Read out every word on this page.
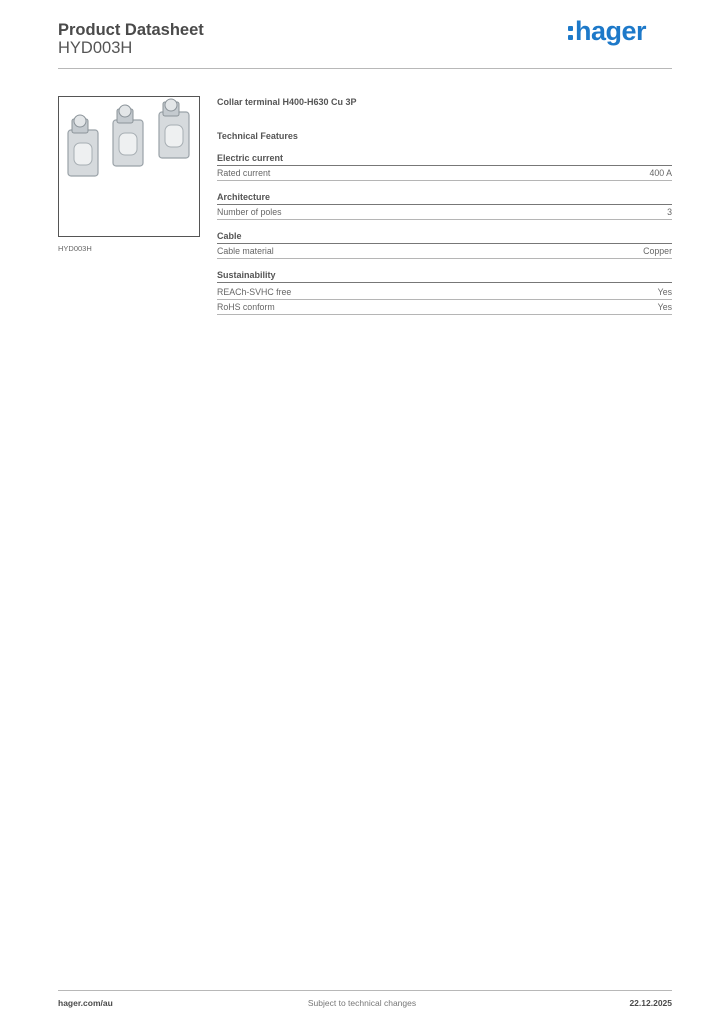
Product Datasheet
HYD003H
hager
HYD003H
Collar terminal H400-H630 Cu 3P
Technical Features
Electric current
Rated current	400 A
Architecture
Number of poles	3
Cable
Cable material	Copper
Sustainability
REACh-SVHC free	Yes
RoHS conform	Yes
hager.com/au	Subject to technical changes	22.12.2025
